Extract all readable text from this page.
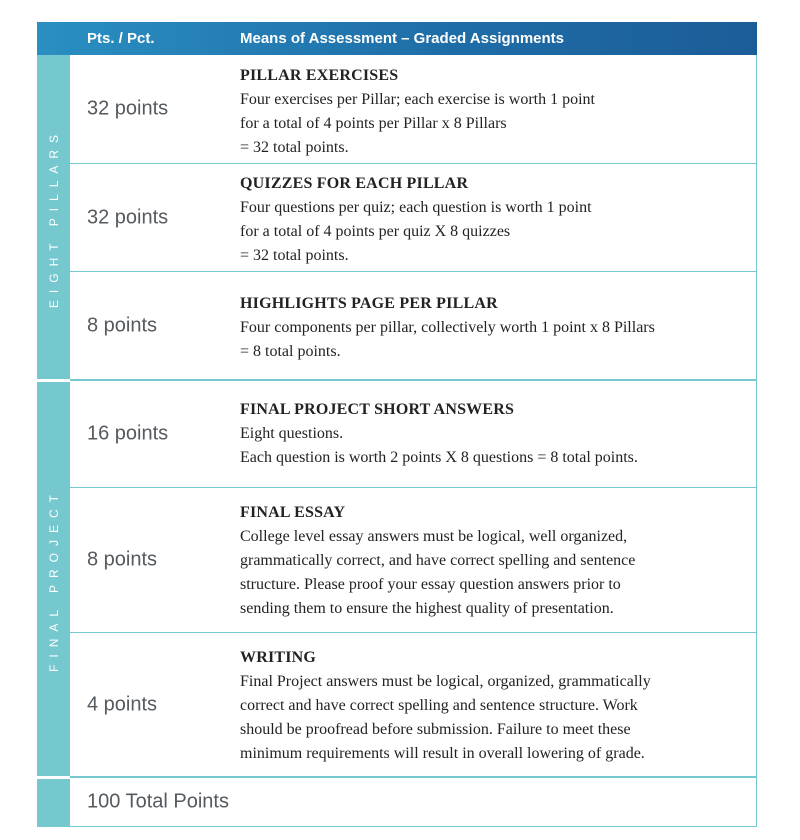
Pts. / Pct.	Means of Assessment – Graded Assignments
EIGHT PILLARS
FINAL PROJECT
32 points
PILLAR EXERCISES
Four exercises per Pillar; each exercise is worth 1 point
for a total of 4 points per Pillar x 8 Pillars
= 32 total points.
32 points
QUIZZES FOR EACH PILLAR
Four questions per quiz; each question is worth 1 point
for a total of 4 points per quiz X 8 quizzes
= 32 total points.
8 points
HIGHLIGHTS PAGE PER PILLAR
Four components per pillar, collectively worth 1 point x 8 Pillars
= 8 total points.
16 points
FINAL PROJECT SHORT ANSWERS
Eight questions.
Each question is worth 2 points X 8 questions = 8 total points.
8 points
FINAL ESSAY
College level essay answers must be logical, well organized,
grammatically correct, and have correct spelling and sentence
structure. Please proof your essay question answers prior to
sending them to ensure the highest quality of presentation.
4 points
WRITING
Final Project answers must be logical, organized, grammatically
correct and have correct spelling and sentence structure. Work
should be proofread before submission. Failure to meet these
minimum requirements will result in overall lowering of grade.
100 Total Points
